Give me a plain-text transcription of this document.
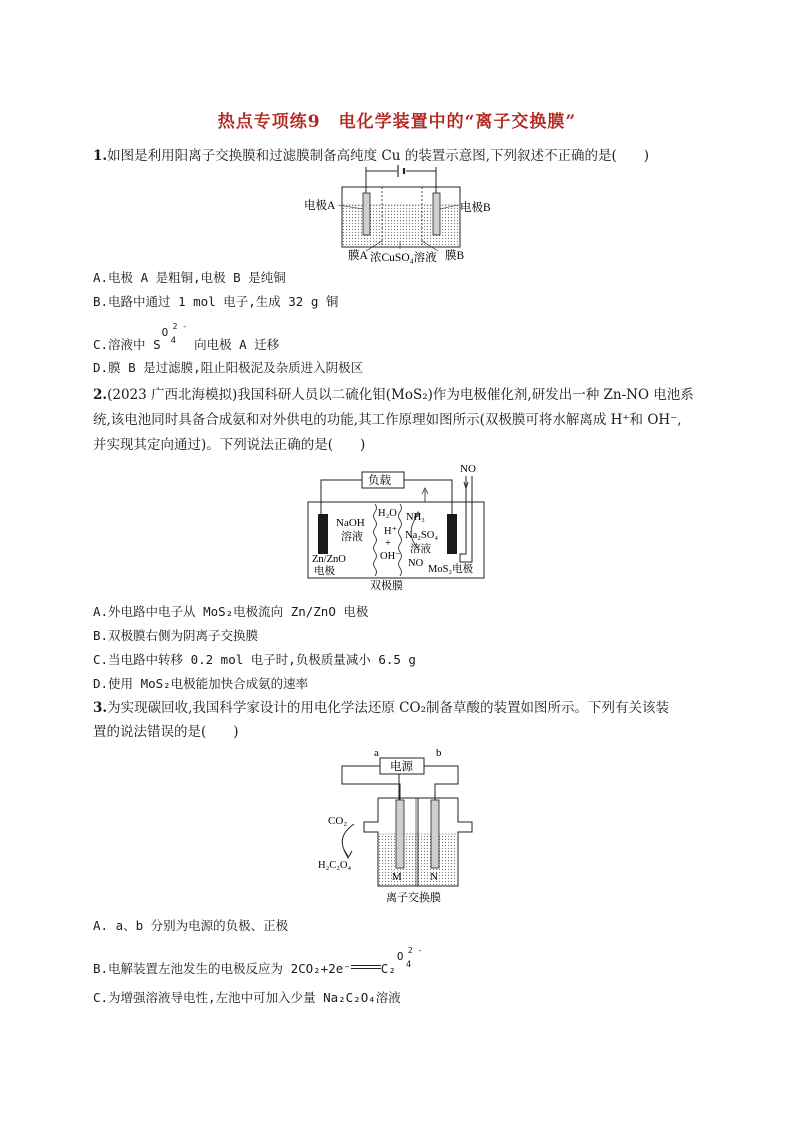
热点专项练9　电化学装置中的“离子交换膜”
1.如图是利用阳离子交换膜和过滤膜制备高纯度 Cu 的装置示意图,下列叙述不正确的是(　　)
电极A	电极B
膜A 浓CuSO₄溶液 膜B
A.电极 A 是粗铜,电极 B 是纯铜
B.电路中通过 1 mol 电子,生成 32 g 铜
C.溶液中 S
O 2 -
4 向电极 A 迁移
D.膜 B 是过滤膜,阻止阳极泥及杂质进入阴极区
2.(2023 广西北海模拟)我国科研人员以二硫化钼(MoS₂)作为电极催化剂,研发出一种 Zn-NO 电池系
统,该电池同时具备合成氨和对外供电的功能,其工作原理如图所示(双极膜可将水解离成 H⁺和 OH⁻,
并实现其定向通过)。下列说法正确的是(　　)
负载
NO
NaOH
溶液
H₂O
H⁺
+
OH⁻
NH₃
Na₂SO₄
溶液
NO
Zn/ZnO
电极	MoS₂电极
双极膜
A.外电路中电子从 MoS₂电极流向 Zn/ZnO 电极
B.双极膜右侧为阴离子交换膜
C.当电路中转移 0.2 mol 电子时,负极质量减小 6.5 g
D.使用 MoS₂电极能加快合成氨的速率
3.为实现碳回收,我国科学家设计的用电化学法还原 CO₂制备草酸的装置如图所示。下列有关该装
置的说法错误的是(　　)
a	b
电源
CO₂
H₂C₂O₄
M	N
离子交换膜
A. a、b 分别为电源的负极、正极
B.电解装置左池发生的电极反应为 2CO₂+2e⁻ C₂
O 2 -
4
C.为增强溶液导电性,左池中可加入少量 Na₂C₂O₄溶液
